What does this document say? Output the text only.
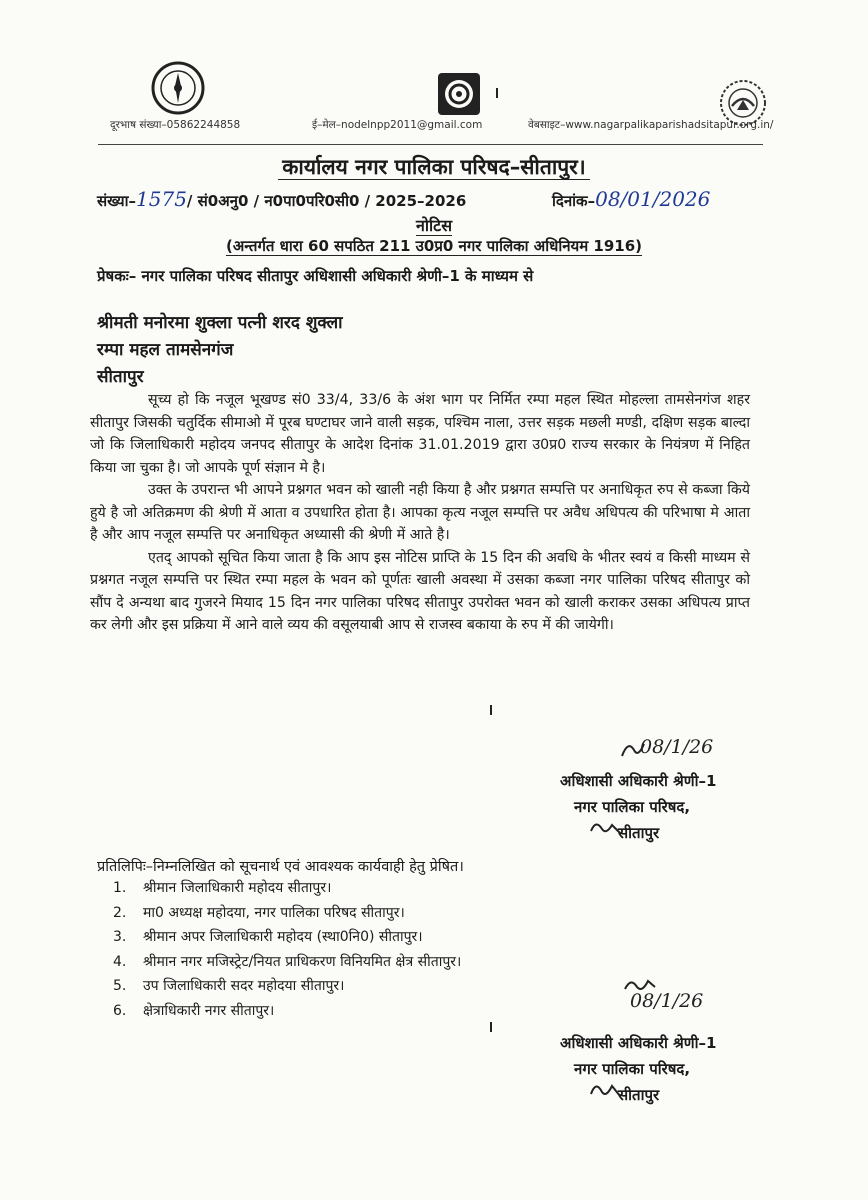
दूरभाष संख्या–05862244858	ई–मेल–nodelnpp2011@gmail.com	वेबसाइट–www.nagarpalikaparishadsitapur.org.in/
कार्यालय नगर पालिका परिषद–सीतापुर।
संख्या–1575/ सं0अनु0 / न0पा0परि0सी0 / 2025–2026	दिनांक–08/01/2026
नोटिस
(अन्तर्गत धारा 60 सपठित 211 उ0प्र0 नगर पालिका अधिनियम 1916)
प्रेषकः– नगर पालिका परिषद सीतापुर अधिशासी अधिकारी श्रेणी–1 के माध्यम से
श्रीमती मनोरमा शुक्ला पत्नी शरद शुक्ला
रम्पा महल तामसेनगंज
सीतापुर

सूच्य हो कि नजूल भूखण्ड सं0 33/4, 33/6 के अंश भाग पर निर्मित रम्पा महल स्थित मोहल्ला तामसेनगंज शहर सीतापुर जिसकी चतुर्दिक सीमाओ में पूरब घण्टाघर जाने वाली सड़क, पश्चिम नाला, उत्तर सड़क मछली मण्डी, दक्षिण सड़क बाल्दा जो कि जिलाधिकारी महोदय जनपद सीतापुर के आदेश दिनांक 31.01.2019 द्वारा उ0प्र0 राज्य सरकार के नियंत्रण में निहित किया जा चुका है। जो आपके पूर्ण संज्ञान मे है।

उक्त के उपरान्त भी आपने प्रश्नगत भवन को खाली नही किया है और प्रश्नगत सम्पत्ति पर अनाधिकृत रुप से कब्जा किये हुये है जो अतिक्रमण की श्रेणी में आता व उपधारित होता है। आपका कृत्य नजूल सम्पत्ति पर अवैध अधिपत्य की परिभाषा मे आता है और आप नजूल सम्पत्ति पर अनाधिकृत अध्यासी की श्रेणी में आते है।

एतद् आपको सूचित किया जाता है कि आप इस नोटिस प्राप्ति के 15 दिन की अवधि के भीतर स्वयं व किसी माध्यम से प्रश्नगत नजूल सम्पत्ति पर स्थित रम्पा महल के भवन को पूर्णतः खाली अवस्था में उसका कब्जा नगर पालिका परिषद सीतापुर को सौंप दे अन्यथा बाद गुजरने मियाद 15 दिन नगर पालिका परिषद सीतापुर उपरोक्त भवन को खाली कराकर उसका अधिपत्य प्राप्त कर लेगी और इस प्रक्रिया में आने वाले व्यय की वसूलयाबी आप से राजस्व बकाया के रुप में की जायेगी।

08/1/26
अधिशासी अधिकारी श्रेणी–1
नगर पालिका परिषद,
सीतापुर
प्रतिलिपिः–निम्नलिखित को सूचनार्थ एवं आवश्यक कार्यवाही हेतु प्रेषित।
1. श्रीमान जिलाधिकारी महोदय सीतापुर।
2. मा0 अध्यक्ष महोदया, नगर पालिका परिषद सीतापुर।
3. श्रीमान अपर जिलाधिकारी महोदय (स्था0नि0) सीतापुर।
4. श्रीमान नगर मजिस्ट्रेट/नियत प्राधिकरण विनियमित क्षेत्र सीतापुर।
5. उप जिलाधिकारी सदर महोदया सीतापुर।
6. क्षेत्राधिकारी नगर सीतापुर।	08/1/26
अधिशासी अधिकारी श्रेणी–1
नगर पालिका परिषद,
सीतापुर
